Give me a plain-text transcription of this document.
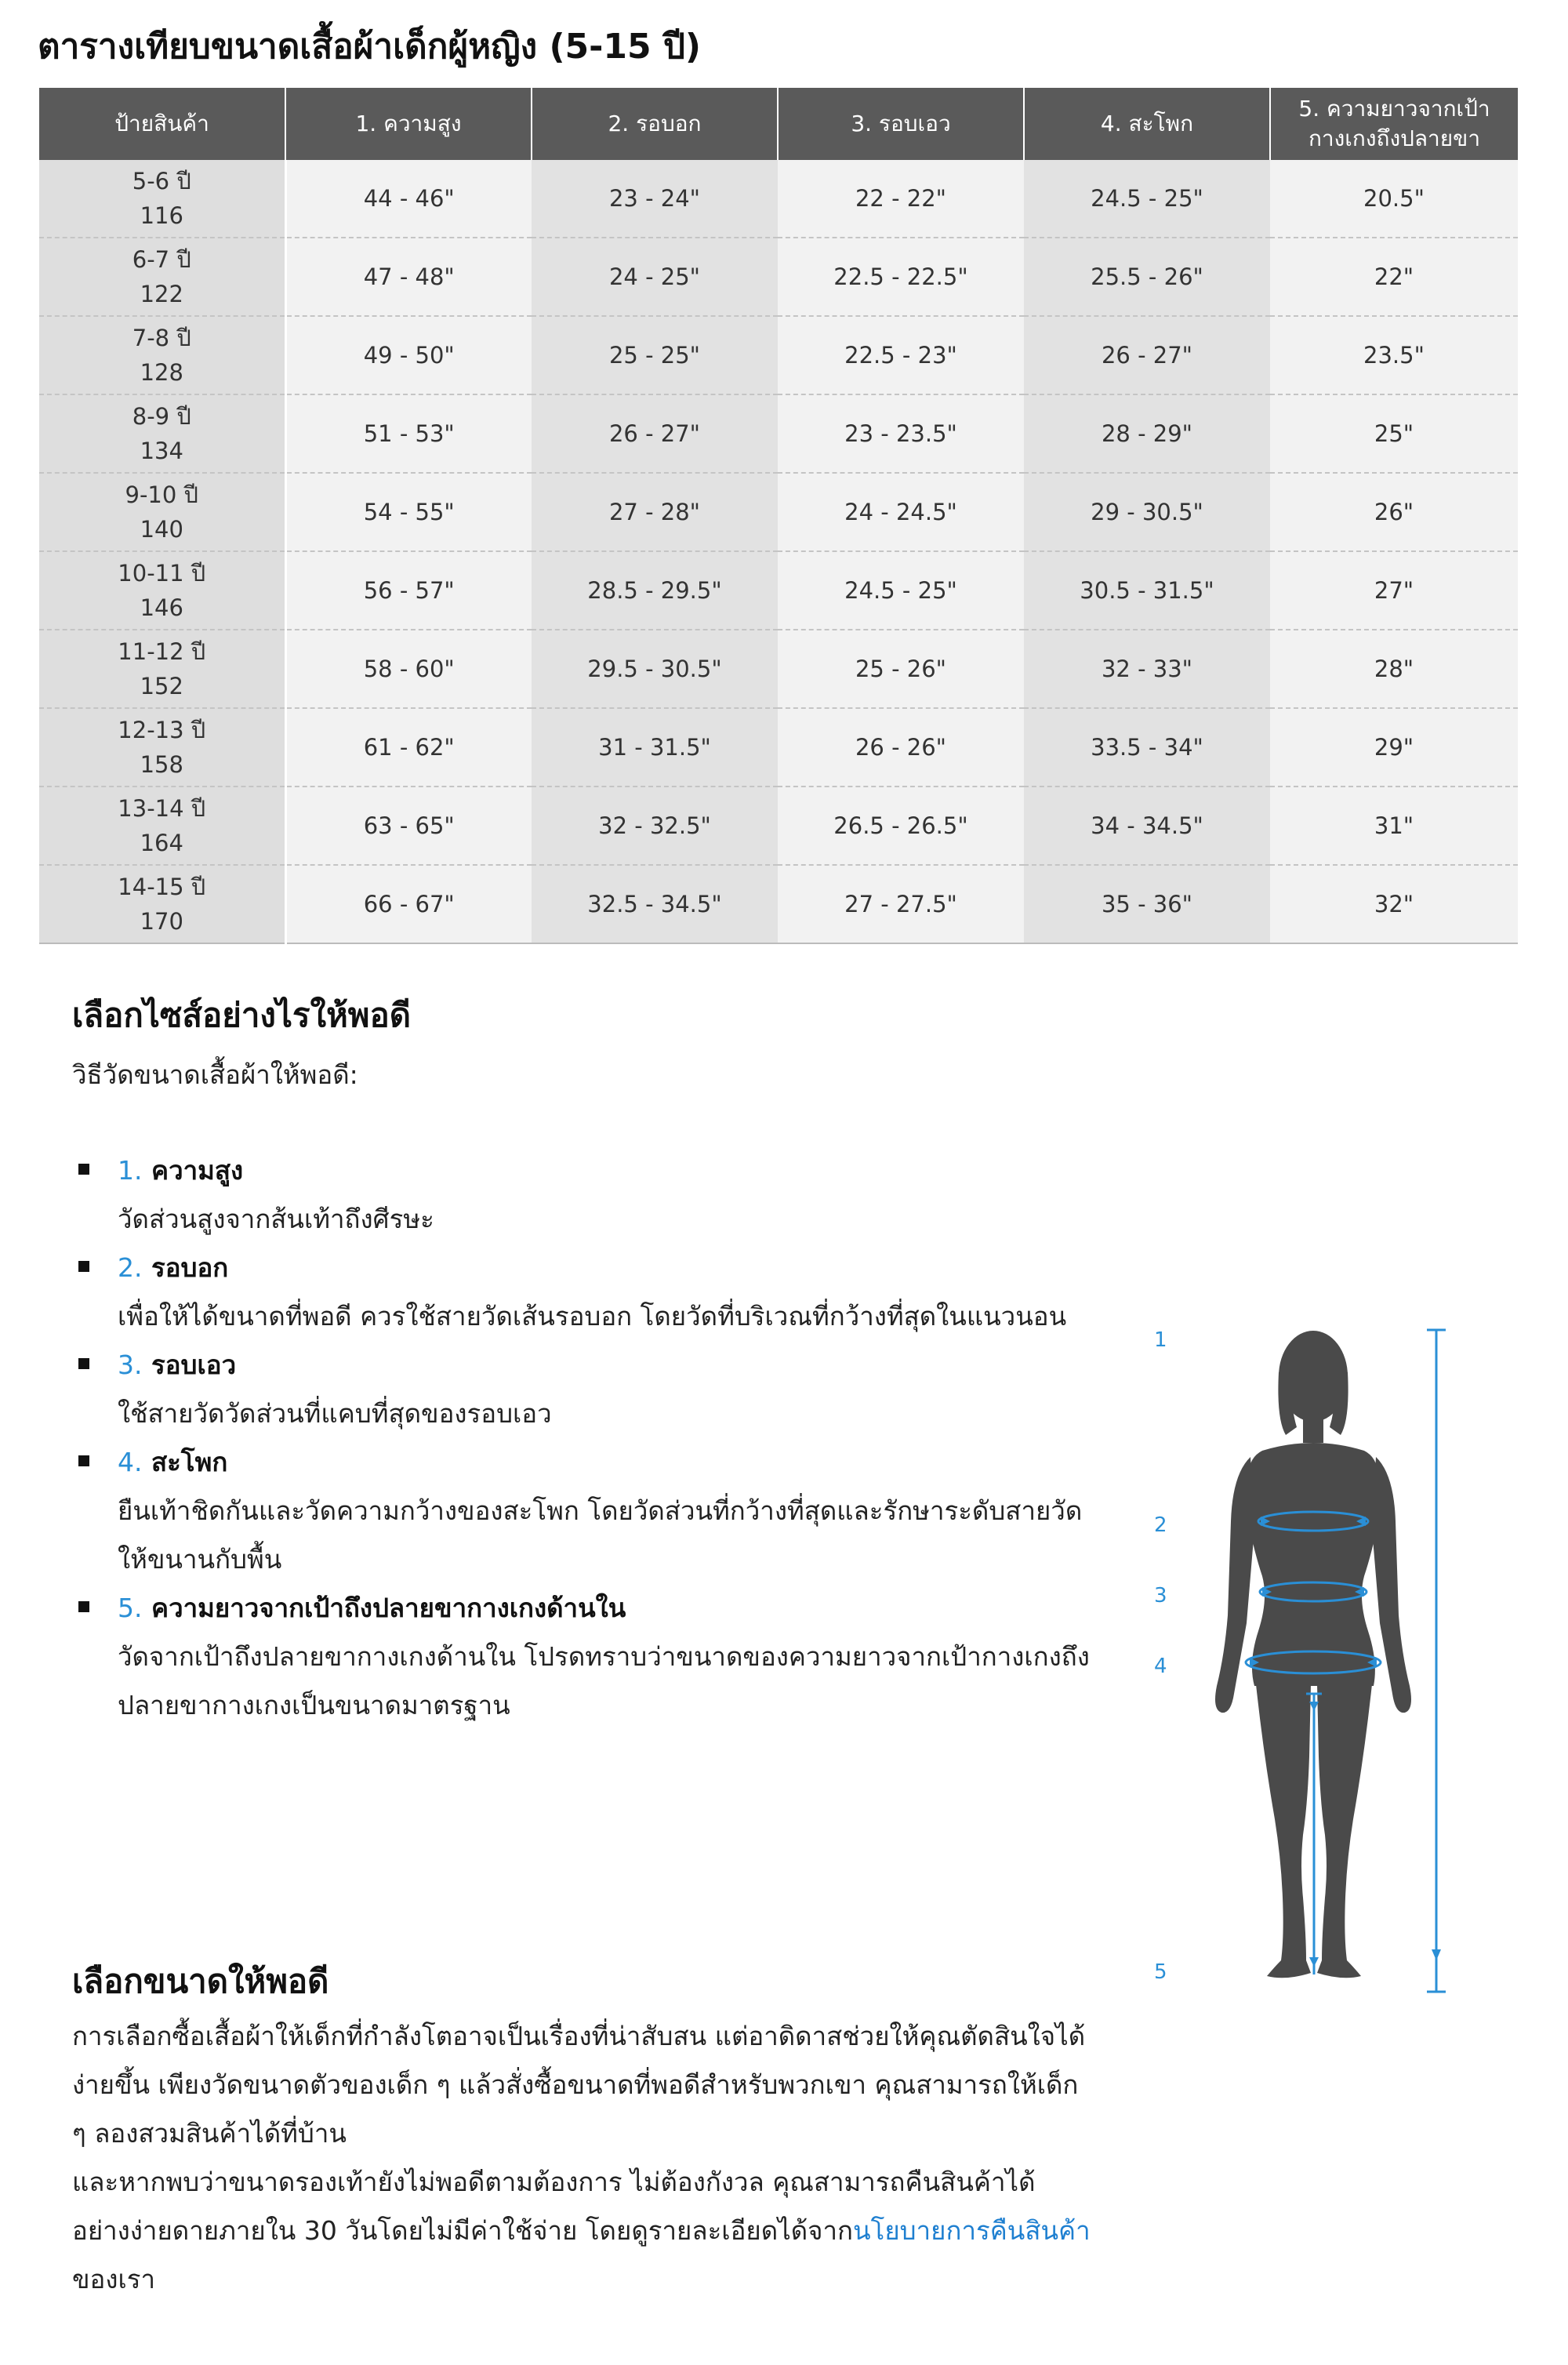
ตารางเทียบขนาดเสื้อผ้าเด็กผู้หญิง (5-15 ปี)
ป้ายสินค้า	1. ความสูง	2. รอบอก	3. รอบเอว	4. สะโพก	5. ความยาวจากเป้า
กางเกงถึงปลายขา

5-6 ปี
116	44 - 46"	23 - 24"	22 - 22"	24.5 - 25"	20.5"

6-7 ปี
122	47 - 48"	24 - 25"	22.5 - 22.5"	25.5 - 26"	22"

7-8 ปี
128	49 - 50"	25 - 25"	22.5 - 23"	26 - 27"	23.5"

8-9 ปี
134	51 - 53"	26 - 27"	23 - 23.5"	28 - 29"	25"

9-10 ปี
140	54 - 55"	27 - 28"	24 - 24.5"	29 - 30.5"	26"

10-11 ปี
146	56 - 57"	28.5 - 29.5"	24.5 - 25"	30.5 - 31.5"	27"

11-12 ปี
152	58 - 60"	29.5 - 30.5"	25 - 26"	32 - 33"	28"

12-13 ปี
158	61 - 62"	31 - 31.5"	26 - 26"	33.5 - 34"	29"

13-14 ปี
164	63 - 65"	32 - 32.5"	26.5 - 26.5"	34 - 34.5"	31"

14-15 ปี
170	66 - 67"	32.5 - 34.5"	27 - 27.5"	35 - 36"	32"
เลือกไซส์อย่างไรให้พอดี

วิธีวัดขนาดเสื้อผ้าให้พอดี:

1. ความสูง
วัดส่วนสูงจากส้นเท้าถึงศีรษะ
2. รอบอก
เพื่อให้ได้ขนาดที่พอดี ควรใช้สายวัดเส้นรอบอก โดยวัดที่บริเวณที่กว้างที่สุดในแนวนอน
3. รอบเอว
ใช้สายวัดวัดส่วนที่แคบที่สุดของรอบเอว
4. สะโพก
ยืนเท้าชิดกันและวัดความกว้างของสะโพก โดยวัดส่วนที่กว้างที่สุดและรักษาระดับสายวัดให้ขนานกับพื้น
5. ความยาวจากเป้าถึงปลายขากางเกงด้านใน
วัดจากเป้าถึงปลายขากางเกงด้านใน โปรดทราบว่าขนาดของความยาวจากเป้ากางเกงถึงปลายขากางเกงเป็นขนาดมาตรฐาน
1
2
3
4
5
เลือกขนาดให้พอดี

การเลือกซื้อเสื้อผ้าให้เด็กที่กำลังโตอาจเป็นเรื่องที่น่าสับสน แต่อาดิดาสช่วยให้คุณตัดสินใจได้ง่ายขึ้น เพียงวัดขนาดตัวของเด็ก ๆ แล้วสั่งซื้อขนาดที่พอดีสำหรับพวกเขา คุณสามารถให้เด็ก ๆ ลองสวมสินค้าได้ที่บ้าน

และหากพบว่าขนาดรองเท้ายังไม่พอดีตามต้องการ ไม่ต้องกังวล คุณสามารถคืนสินค้าได้อย่างง่ายดายภายใน 30 วันโดยไม่มีค่าใช้จ่าย โดยดูรายละเอียดได้จากนโยบายการคืนสินค้าของเรา
